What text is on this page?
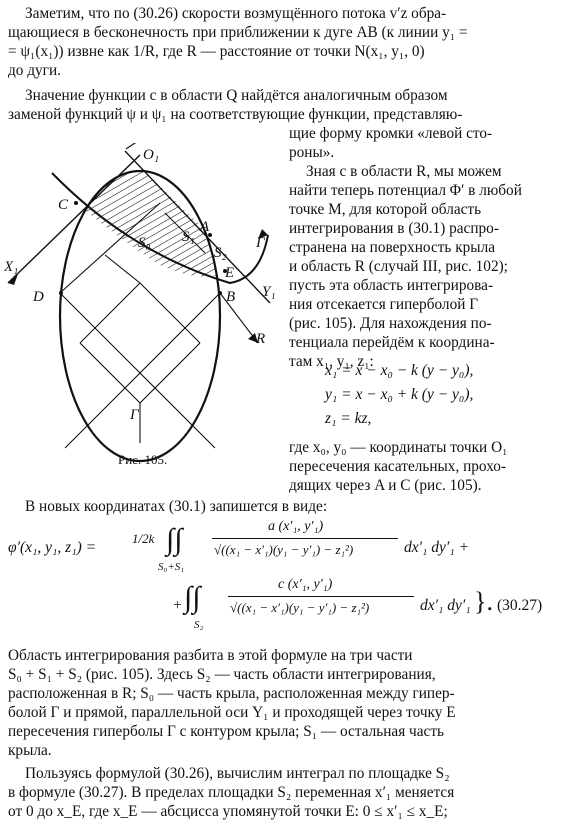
Заметим, что по (30.26) скорости возмущённого потока v′z обра-
щающиеся в бесконечность при приближении к дуге AB (к линии y₁ =
= ψ₁(x₁)) извне как 1/R, где R — расстояние от точки N(x₁, y₁, 0)
до дуги.
Значение функции c в области Q найдётся аналогичным образом
заменой функций ψ и ψ₁ на соответствующие функции, представляю-
щие форму кромки «левой сто-
роны».
O₁
C
A
S₀ S₁
S₂
Γ
E
X₁
Y₁
D	B
R
Γ
Рис. 105.
Зная c в области R, мы можем
найти теперь потенциал Φ′ в любой
точке M, для которой область
интегрирования в (30.1) распро-
странена на поверхность крыла
и область R (случай III, рис. 102);
пусть эта область интегрирова-
ния отсекается гиперболой Γ
(рис. 105). Для нахождения по-
тенциала перейдём к координа-
там x₁, y₁, z₁:
x₁ = x − x₀ − k (y − y₀),
y₁ = x − x₀ + k (y − y₀),
z₁ = kz,
где x₀, y₀ — координаты точки O₁
пересечения касательных, прохо-
дящих через A и C (рис. 105).
В новых координатах (30.1) запишется в виде:
φ′(x₁, y₁, z₁) =
1/2k ∫∫
S₀+S₁
a (x′₁, y′₁)
√((x₁ − x′₁)(y₁ − y′₁) − z₁²)	dx′₁ dy′₁ +
+ ∫∫
S₂
c (x′₁, y′₁)
√((x₁ − x′₁)(y₁ − y′₁) − z₁²)	dx′₁ dy′₁ }. (30.27)
Область интегрирования разбита в этой формуле на три части
S₀ + S₁ + S₂ (рис. 105). Здесь S₂ — часть области интегрирования,
расположенная в R; S₀ — часть крыла, расположенная между гипер-
болой Γ и прямой, параллельной оси Y₁ и проходящей через точку E
пересечения гиперболы Γ с контуром крыла; S₁ — остальная часть
крыла.
Пользуясь формулой (30.26), вычислим интеграл по площадке S₂
в формуле (30.27). В пределах площадки S₂ переменная x′₁ меняется
от 0 до x_E, где x_E — абсцисса упомянутой точки E: 0 ≤ x′₁ ≤ x_E;
